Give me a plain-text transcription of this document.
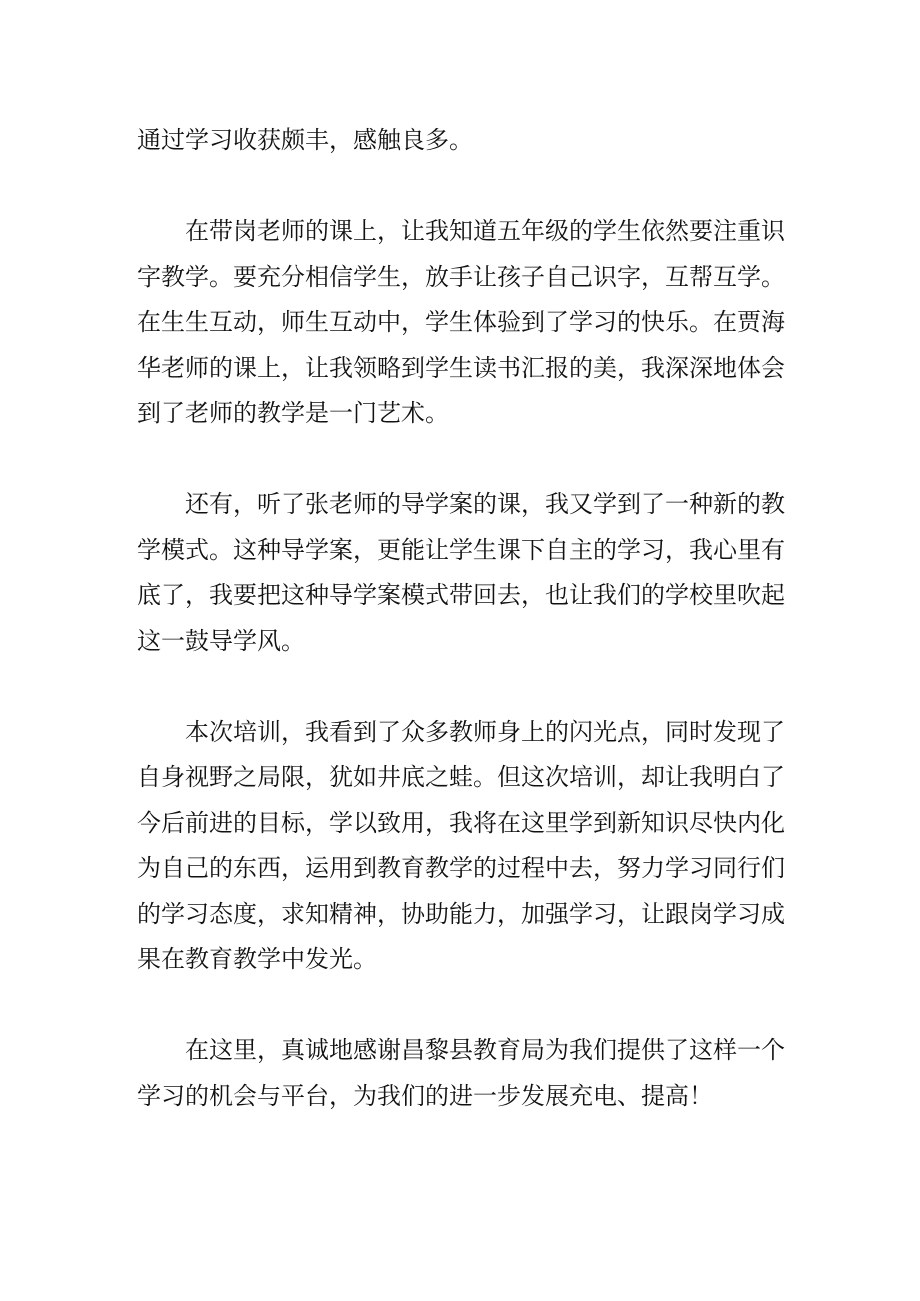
通过学习收获颇丰，感触良多。

在带岗老师的课上，让我知道五年级的学生依然要注重识字教学。要充分相信学生，放手让孩子自己识字，互帮互学。在生生互动，师生互动中，学生体验到了学习的快乐。在贾海华老师的课上，让我领略到学生读书汇报的美，我深深地体会到了老师的教学是一门艺术。

还有，听了张老师的导学案的课，我又学到了一种新的教学模式。这种导学案，更能让学生课下自主的学习，我心里有底了，我要把这种导学案模式带回去，也让我们的学校里吹起这一鼓导学风。

本次培训，我看到了众多教师身上的闪光点，同时发现了自身视野之局限，犹如井底之蛙。但这次培训，却让我明白了今后前进的目标，学以致用，我将在这里学到新知识尽快内化为自己的东西，运用到教育教学的过程中去，努力学习同行们的学习态度，求知精神，协助能力，加强学习，让跟岗学习成果在教育教学中发光。

在这里，真诚地感谢昌黎县教育局为我们提供了这样一个学习的机会与平台，为我们的进一步发展充电、提高！
